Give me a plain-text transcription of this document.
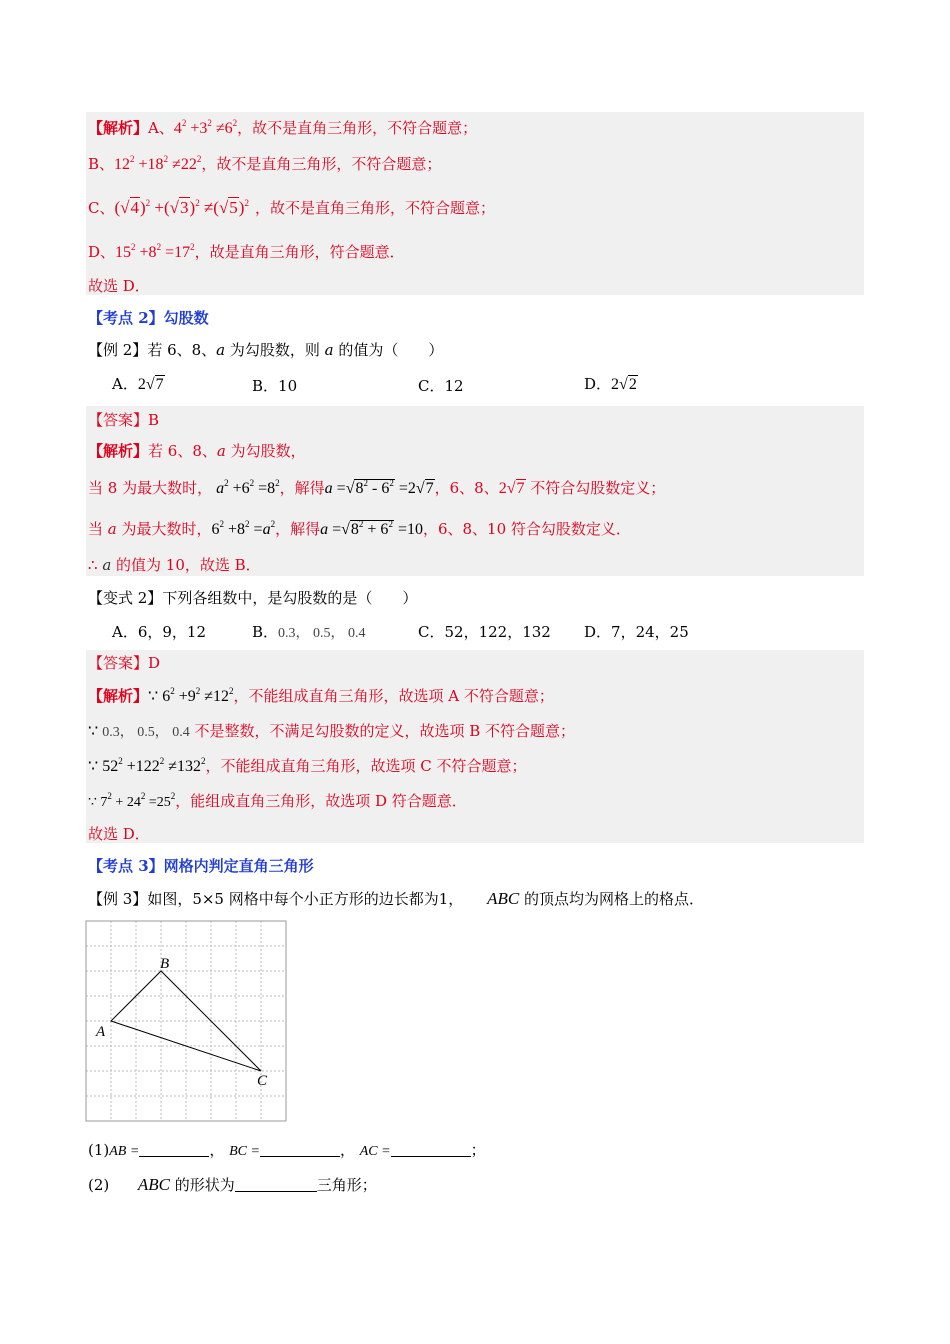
【解析】A、$4^2 +3^2 \ne 6^2$，故不是直角三角形，不符合题意；
B、$12^2 +18^2 \ne 22^2$，故不是直角三角形，不符合题意；
C、$(√4)^2 +(√3)^2 \ne(√5)^2$ ，故不是直角三角形，不符合题意；
D、$15^2 +8^2 =17^2$，故是直角三角形，符合题意．
故选 D．
【考点 2】勾股数
【例 2】若 6、8、a 为勾股数，则 a 的值为（　　）
A．2√7	B．10	C．12	D．2√2
【答案】B
【解析】若 6、8、a 为勾股数，
当 8 为最大数时， $a^2 +6^2 =8^2$，解得$a =√8^2 - 6^2 =2√7$，6、8、2√7 不符合勾股数定义；
当 a 为最大数时，$6^2 +8^2 =a^2$，解得$a =√8^2 + 6^2 =10$，6、8、10 符合勾股数定义．
∴ a 的值为 10，故选 B．
【变式 2】下列各组数中，是勾股数的是（　　）
A．6，9，12	B．0.3， 0.5， 0.4	C．52，122，132 D．7，24，25
【答案】D
【解析】∵ $6^2 +9^2 \ne 12^2$，不能组成直角三角形，故选项 A 不符合题意；
∵ 0.3， 0.5， 0.4 不是整数，不满足勾股数的定义，故选项 B 不符合题意；
∵ $52^2 +122^2 \ne 132^2$，不能组成直角三角形，故选项 C 不符合题意；
∵ $7^2 + 24^2 =25^2$，能组成直角三角形，故选项 D 符合题意．
故选 D．
【考点 3】网格内判定直角三角形
【例 3】如图，5×5 网格中每个小正方形的边长都为1， ABC 的顶点均为网格上的格点．
A
B
C
(1)AB =	， BC =	， AC =	；
(2) ABC 的形状为	三角形；
